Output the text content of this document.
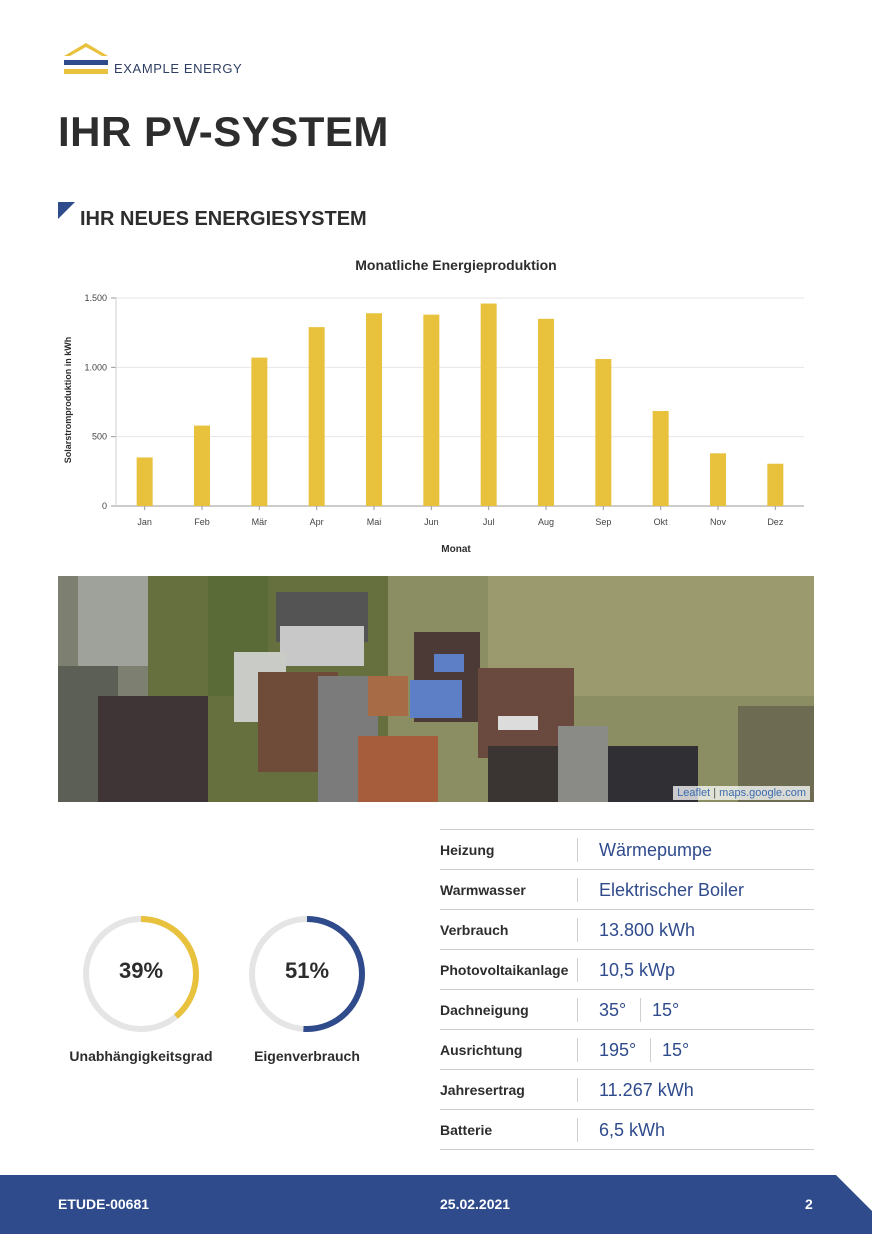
EXAMPLE ENERGY
IHR PV-SYSTEM
IHR NEUES ENERGIESYSTEM
0
500
1.000
1.500
Jan	Feb	Mär	Apr	Mai	Jun	Jul	Aug	Sep	Okt	Nov	Dez
Monatliche Energieproduktion
Solarstromproduktion in kWh
Monat
Leaflet | maps.google.com
39%
Unabhängigkeitsgrad
51%
Eigenverbrauch
Heizung	Wärmepumpe
Warmwasser	Elektrischer Boiler
Verbrauch	13.800 kWh
Photovoltaikanlage 10,5 kWp
Dachneigung	35° 15°
Ausrichtung	195° 15°
Jahresertrag	11.267 kWh
Batterie	6,5 kWh
ETUDE-00681	25.02.2021	2
